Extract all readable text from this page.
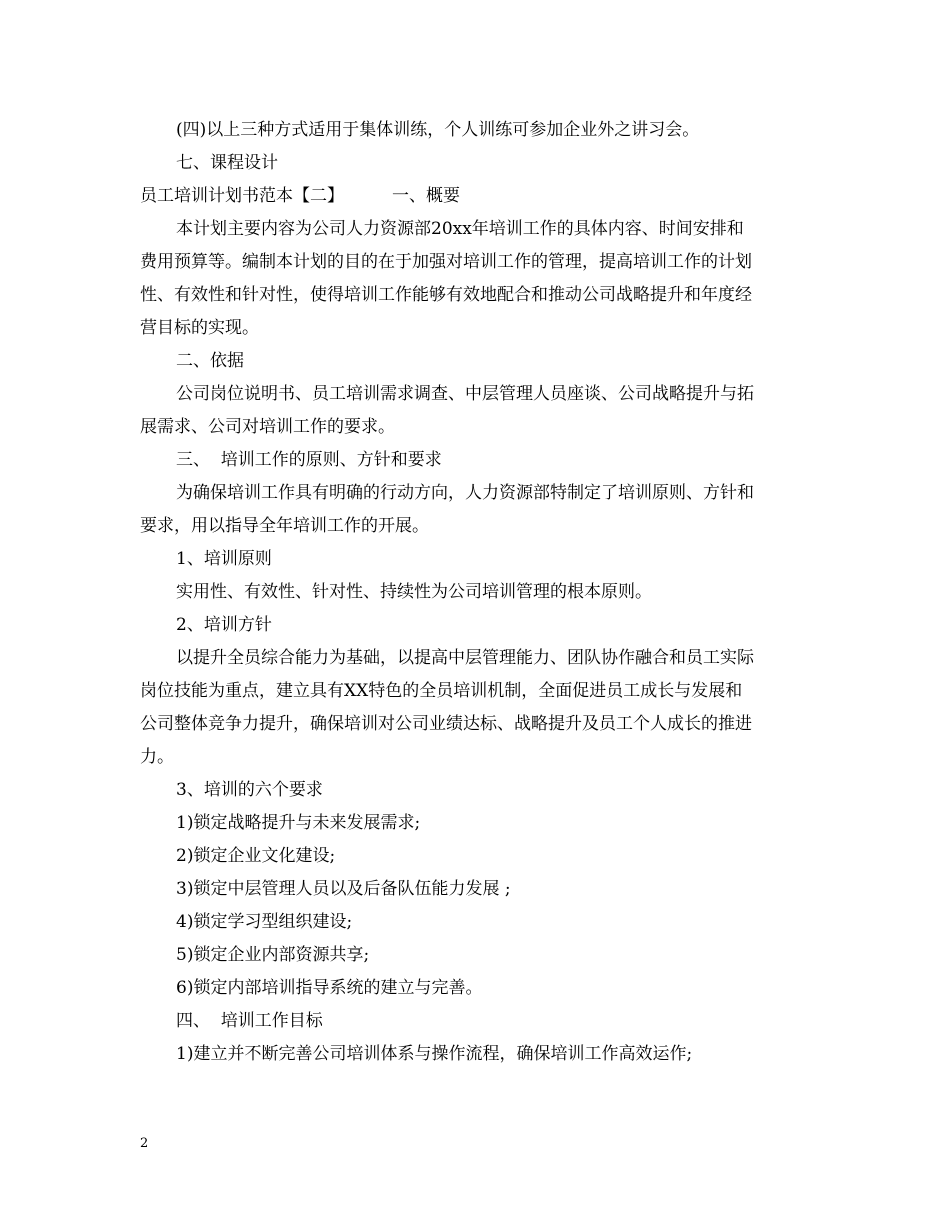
(四)以上三种方式适用于集体训练，个人训练可参加企业外之讲习会。

七、课程设计

员工培训计划书范本【二】	一、概要

本计划主要内容为公司人力资源部20xx年培训工作的具体内容、时间安排和

费用预算等。编制本计划的目的在于加强对培训工作的管理，提高培训工作的计划

性、有效性和针对性，使得培训工作能够有效地配合和推动公司战略提升和年度经

营目标的实现。

二、依据

公司岗位说明书、员工培训需求调查、中层管理人员座谈、公司战略提升与拓

展需求、公司对培训工作的要求。

三、  培训工作的原则、方针和要求

为确保培训工作具有明确的行动方向，人力资源部特制定了培训原则、方针和

要求，用以指导全年培训工作的开展。

1、培训原则

实用性、有效性、针对性、持续性为公司培训管理的根本原则。

2、培训方针

以提升全员综合能力为基础，以提高中层管理能力、团队协作融合和员工实际

岗位技能为重点，建立具有XX特色的全员培训机制，全面促进员工成长与发展和

公司整体竞争力提升，确保培训对公司业绩达标、战略提升及员工个人成长的推进

力。

3、培训的六个要求

1)锁定战略提升与未来发展需求;

2)锁定企业文化建设;

3)锁定中层管理人员以及后备队伍能力发展 ;

4)锁定学习型组织建设;

5)锁定企业内部资源共享;

6)锁定内部培训指导系统的建立与完善。

四、  培训工作目标

1)建立并不断完善公司培训体系与操作流程，确保培训工作高效运作;

2
